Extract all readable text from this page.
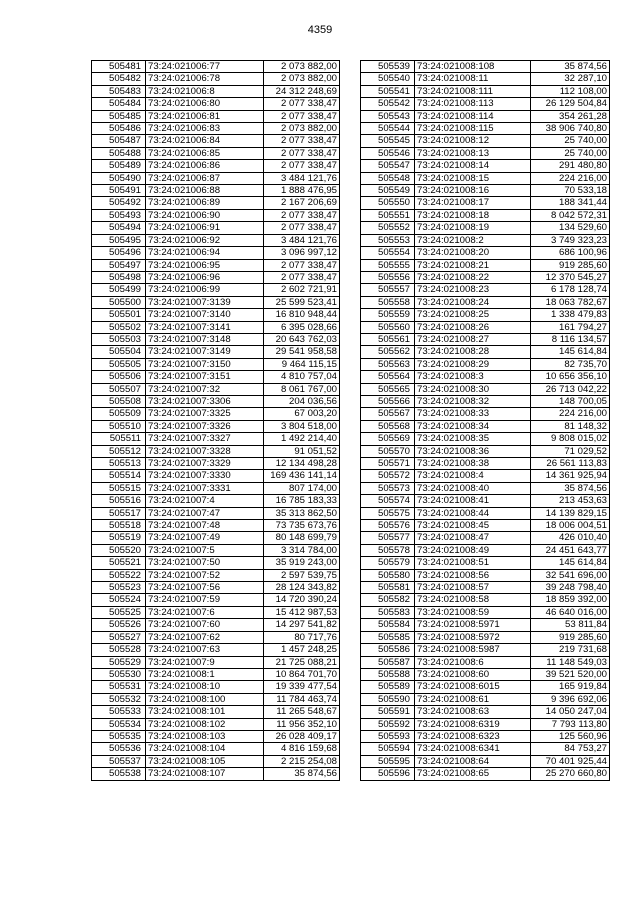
4359
505481	73:24:021006:77	2 073 882,00
505482	73:24:021006:78	2 073 882,00
505483	73:24:021006:8	24 312 248,69
505484	73:24:021006:80	2 077 338,47
505485	73:24:021006:81	2 077 338,47
505486	73:24:021006:83	2 073 882,00
505487	73:24:021006:84	2 077 338,47
505488	73:24:021006:85	2 077 338,47
505489	73:24:021006:86	2 077 338,47
505490	73:24:021006:87	3 484 121,76
505491	73:24:021006:88	1 888 476,95
505492	73:24:021006:89	2 167 206,69
505493	73:24:021006:90	2 077 338,47
505494	73:24:021006:91	2 077 338,47
505495	73:24:021006:92	3 484 121,76
505496	73:24:021006:94	3 096 997,12
505497	73:24:021006:95	2 077 338,47
505498	73:24:021006:96	2 077 338,47
505499	73:24:021006:99	2 602 721,91
505500	73:24:021007:3139	25 599 523,41
505501	73:24:021007:3140	16 810 948,44
505502	73:24:021007:3141	6 395 028,66
505503	73:24:021007:3148	20 643 762,03
505504	73:24:021007:3149	29 541 958,58
505505	73:24:021007:3150	9 464 115,15
505506	73:24:021007:3151	4 810 757,04
505507	73:24:021007:32	8 061 767,00
505508	73:24:021007:3306	204 036,56
505509	73:24:021007:3325	67 003,20
505510	73:24:021007:3326	3 804 518,00
505511	73:24:021007:3327	1 492 214,40
505512	73:24:021007:3328	91 051,52
505513	73:24:021007:3329	12 134 498,28
505514	73:24:021007:3330	169 436 141,14
505515	73:24:021007:3331	807 174,00
505516	73:24:021007:4	16 785 183,33
505517	73:24:021007:47	35 313 862,50
505518	73:24:021007:48	73 735 673,76
505519	73:24:021007:49	80 148 699,79
505520	73:24:021007:5	3 314 784,00
505521	73:24:021007:50	35 919 243,00
505522	73:24:021007:52	2 597 539,75
505523	73:24:021007:56	28 124 343,82
505524	73:24:021007:59	14 720 390,24
505525	73:24:021007:6	15 412 987,53
505526	73:24:021007:60	14 297 541,82
505527	73:24:021007:62	80 717,76
505528	73:24:021007:63	1 457 248,25
505529	73:24:021007:9	21 725 088,21
505530	73:24:021008:1	10 864 701,70
505531	73:24:021008:10	19 339 477,54
505532	73:24:021008:100	11 784 463,74
505533	73:24:021008:101	11 265 548,67
505534	73:24:021008:102	11 956 352,10
505535	73:24:021008:103	26 028 409,17
505536	73:24:021008:104	4 816 159,68
505537	73:24:021008:105	2 215 254,08
505538	73:24:021008:107	35 874,56
505539	73:24:021008:108	35 874,56
505540	73:24:021008:11	32 287,10
505541	73:24:021008:111	112 108,00
505542	73:24:021008:113	26 129 504,84
505543	73:24:021008:114	354 261,28
505544	73:24:021008:115	38 906 740,80
505545	73:24:021008:12	25 740,00
505546	73:24:021008:13	25 740,00
505547	73:24:021008:14	291 480,80
505548	73:24:021008:15	224 216,00
505549	73:24:021008:16	70 533,18
505550	73:24:021008:17	188 341,44
505551	73:24:021008:18	8 042 572,31
505552	73:24:021008:19	134 529,60
505553	73:24:021008:2	3 749 323,23
505554	73:24:021008:20	686 100,96
505555	73:24:021008:21	919 285,60
505556	73:24:021008:22	12 370 545,27
505557	73:24:021008:23	6 178 128,74
505558	73:24:021008:24	18 063 782,67
505559	73:24:021008:25	1 338 479,83
505560	73:24:021008:26	161 794,27
505561	73:24:021008:27	8 116 134,57
505562	73:24:021008:28	145 614,84
505563	73:24:021008:29	82 735,70
505564	73:24:021008:3	10 656 356,10
505565	73:24:021008:30	26 713 042,22
505566	73:24:021008:32	148 700,05
505567	73:24:021008:33	224 216,00
505568	73:24:021008:34	81 148,32
505569	73:24:021008:35	9 808 015,02
505570	73:24:021008:36	71 029,52
505571	73:24:021008:38	26 561 113,83
505572	73:24:021008:4	14 361 925,94
505573	73:24:021008:40	35 874,56
505574	73:24:021008:41	213 453,63
505575	73:24:021008:44	14 139 829,15
505576	73:24:021008:45	18 006 004,51
505577	73:24:021008:47	426 010,40
505578	73:24:021008:49	24 451 643,77
505579	73:24:021008:51	145 614,84
505580	73:24:021008:56	32 541 696,00
505581	73:24:021008:57	39 248 798,40
505582	73:24:021008:58	18 859 392,00
505583	73:24:021008:59	46 640 016,00
505584	73:24:021008:5971	53 811,84
505585	73:24:021008:5972	919 285,60
505586	73:24:021008:5987	219 731,68
505587	73:24:021008:6	11 148 549,03
505588	73:24:021008:60	39 521 520,00
505589	73:24:021008:6015	165 919,84
505590	73:24:021008:61	9 396 692,06
505591	73:24:021008:63	14 050 247,04
505592	73:24:021008:6319	7 793 113,80
505593	73:24:021008:6323	125 560,96
505594	73:24:021008:6341	84 753,27
505595	73:24:021008:64	70 401 925,44
505596	73:24:021008:65	25 270 660,80
